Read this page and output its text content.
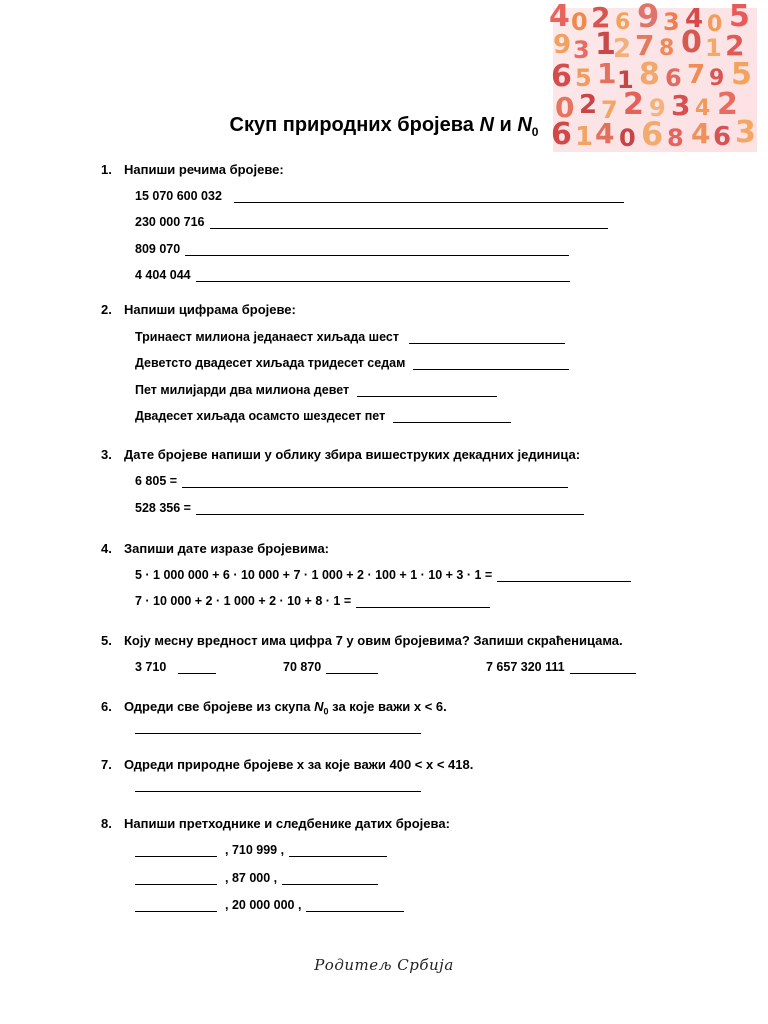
4 0 2 6 9 3 4 0 5
9 3 1
2 7 8 0 1 2
6 5 1 1 8 6 7 9 5
0 2 7 2 9 3 4 2
6 1 4 0 6 8 4 6 3
Скуп природних бројева N и $N_0$
1. Напиши речима бројеве:
15 070 600 032
230 000 716
809 070
4 404 044
2. Напиши цифрама бројеве:
Тринаест милиона једанаест хиљада шест
Деветсто двадесет хиљада тридесет седам
Пет милијарди два милиона девет
Двадесет хиљада осамсто шездесет пет
3. Дате бројеве напиши у облику збира вишеструких декадних јединица:
6 805 =
528 356 =
4. Запиши дате изразе бројевима:
5 · 1 000 000 + 6 · 10 000 + 7 · 1 000 + 2 · 100 + 1 · 10 + 3 · 1 =
7 · 10 000 + 2 · 1 000 + 2 · 10 + 8 · 1 =
5. Коју месну вредност има цифра 7 у овим бројевима? Запиши скраћеницама.
3 710	70 870	7 657 320 111
6. Одреди све бројеве из скупа $N_0$ за које важи x < 6.
7. Одреди природне бројеве x за које важи 400 < x < 418.
8. Напиши претходнике и следбенике датих бројева:
, 710 999 ,
, 87 000 ,
, 20 000 000 ,
Родитељ Србија
